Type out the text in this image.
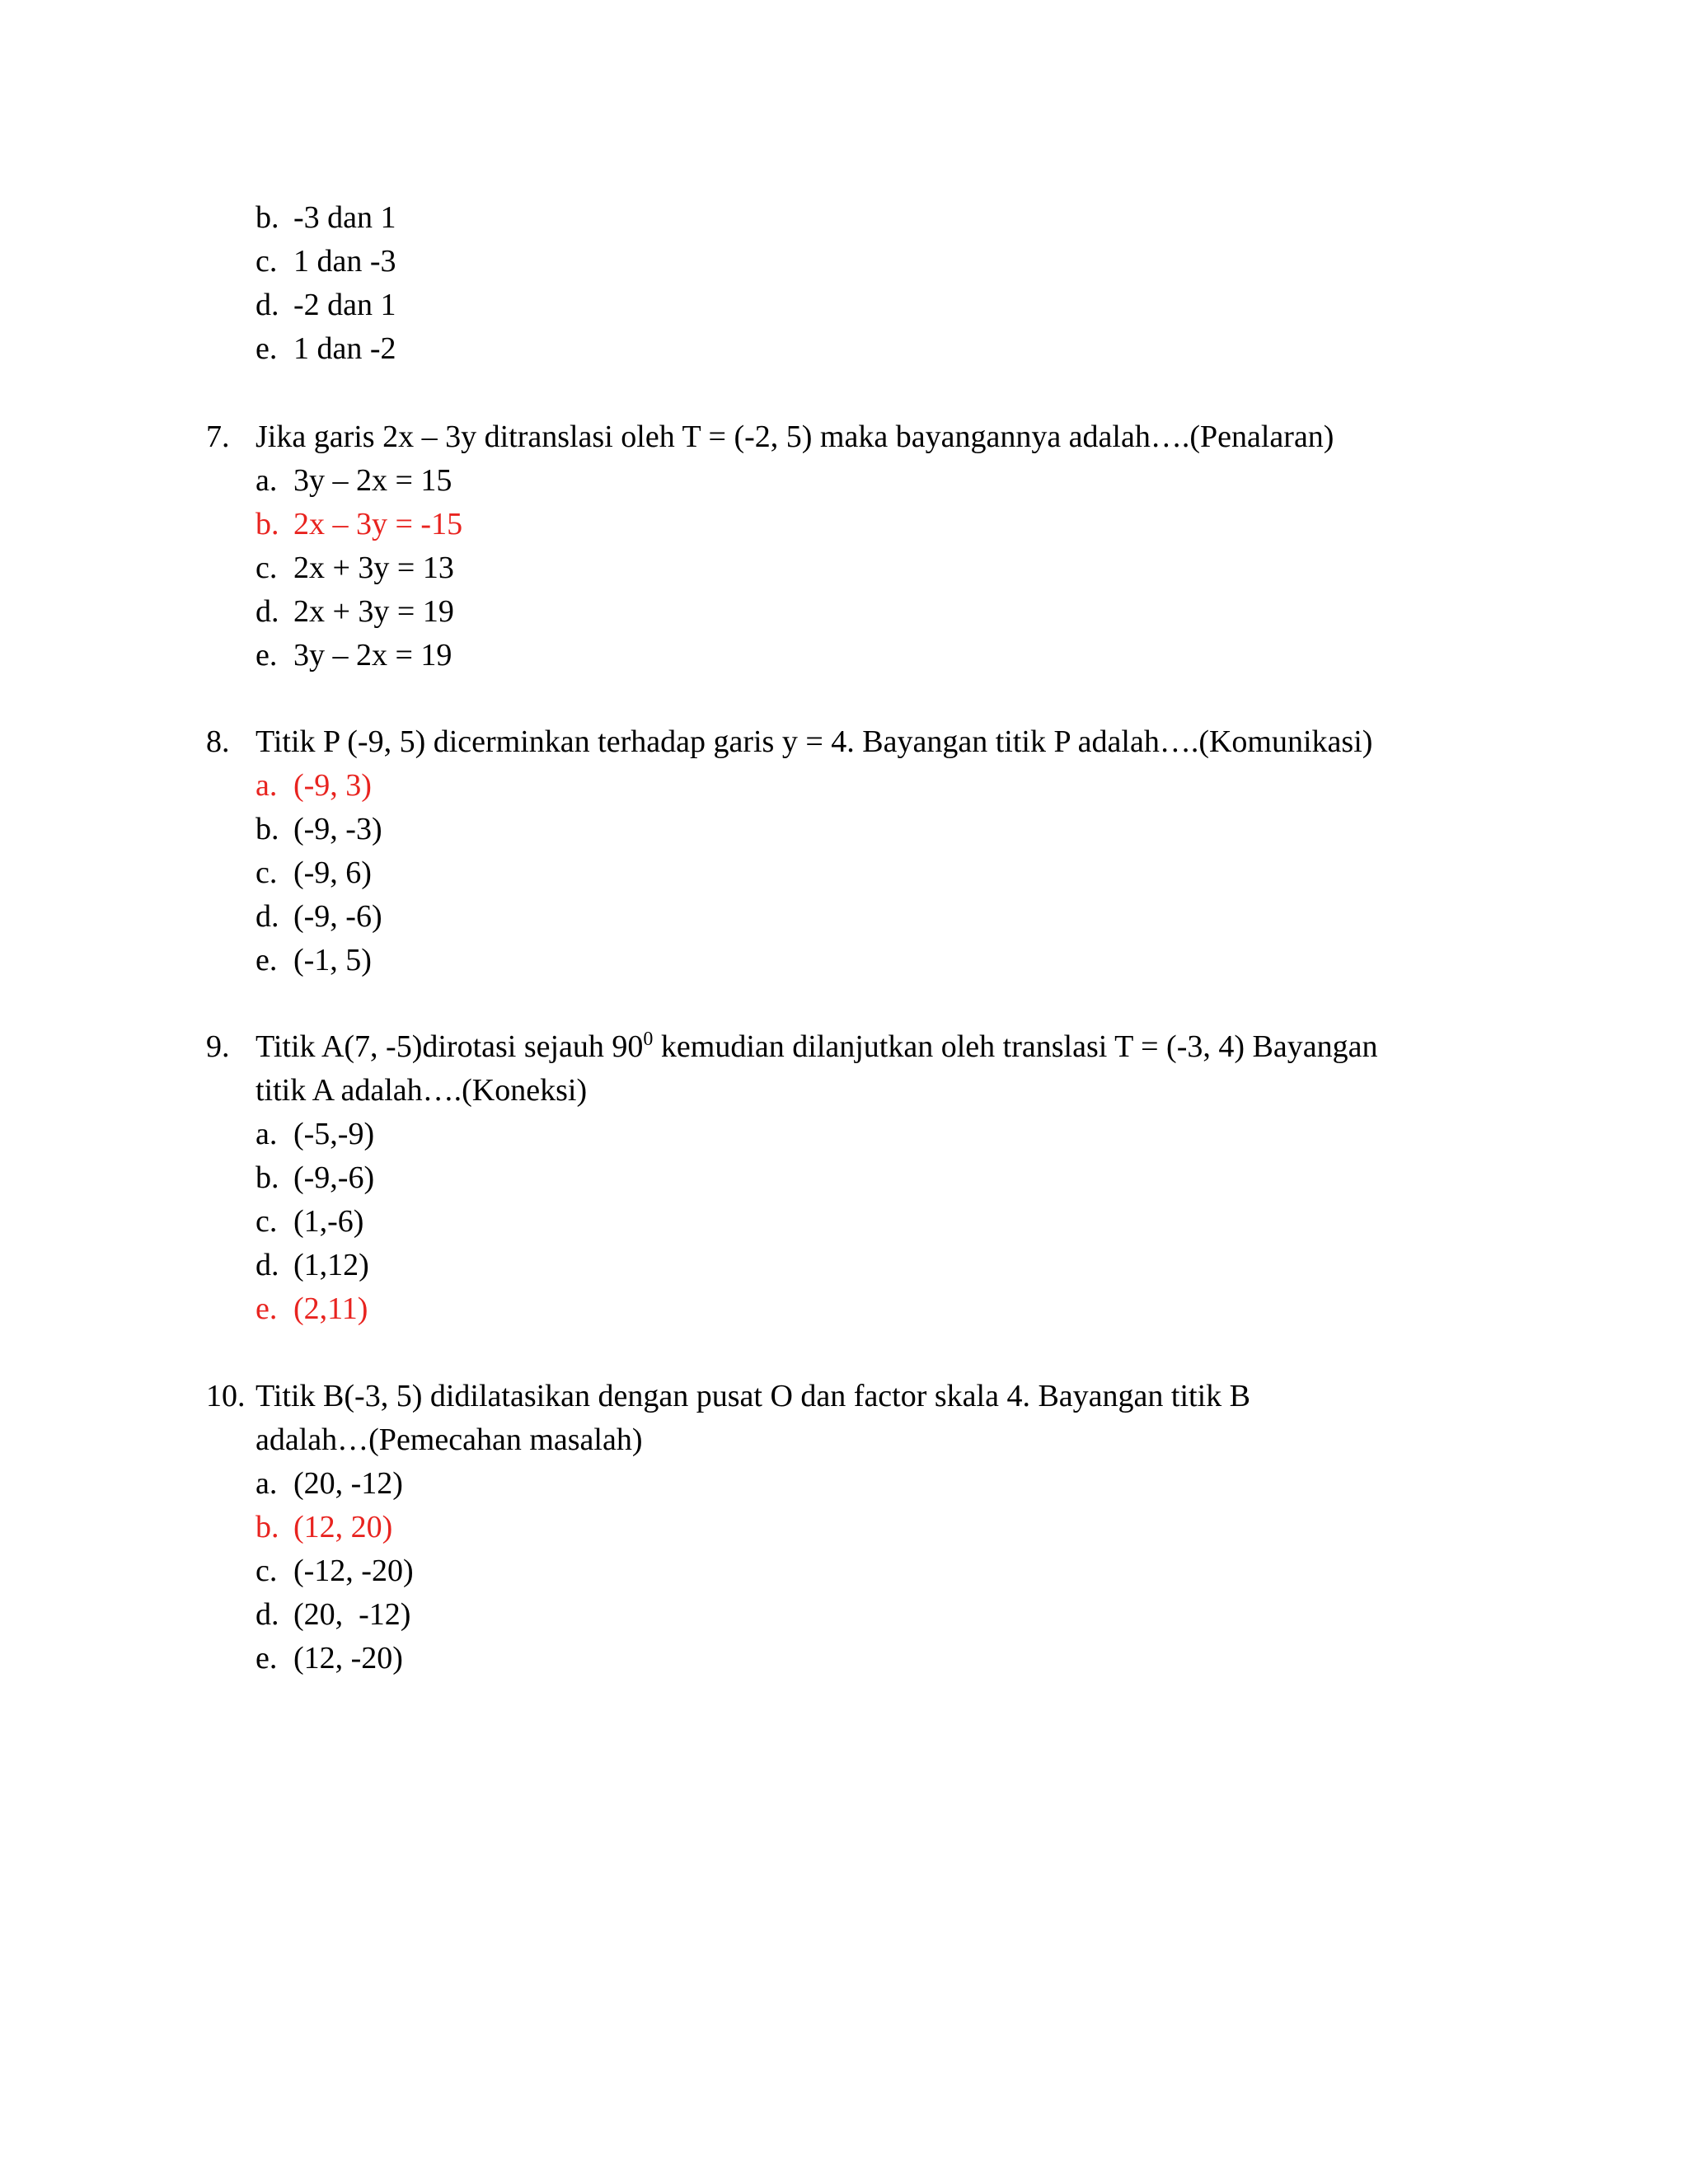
b. -3 dan 1
c. 1 dan -3
d. -2 dan 1
e. 1 dan -2
7. Jika garis 2x – 3y ditranslasi oleh T = (-2, 5) maka bayangannya adalah….(Penalaran)
a. 3y – 2x = 15
b. 2x – 3y = -15
c. 2x + 3y = 13
d. 2x + 3y = 19
e. 3y – 2x = 19
8. Titik P (-9, 5) dicerminkan terhadap garis y = 4. Bayangan titik P adalah….(Komunikasi)
a. (-9, 3)
b. (-9, -3)
c. (-9, 6)
d. (-9, -6)
e. (-1, 5)
9. Titik A(7, -5)dirotasi sejauh $90^0$ kemudian dilanjutkan oleh translasi T = (-3, 4) Bayangan
titik A adalah….(Koneksi)
a. (-5,-9)
b. (-9,-6)
c. (1,-6)
d. (1,12)
e. (2,11)
10. Titik B(-3, 5) didilatasikan dengan pusat O dan factor skala 4. Bayangan titik B
adalah…(Pemecahan masalah)
a. (20, -12)
b. (12, 20)
c. (-12, -20)
d. (20,  -12)
e. (12, -20)
